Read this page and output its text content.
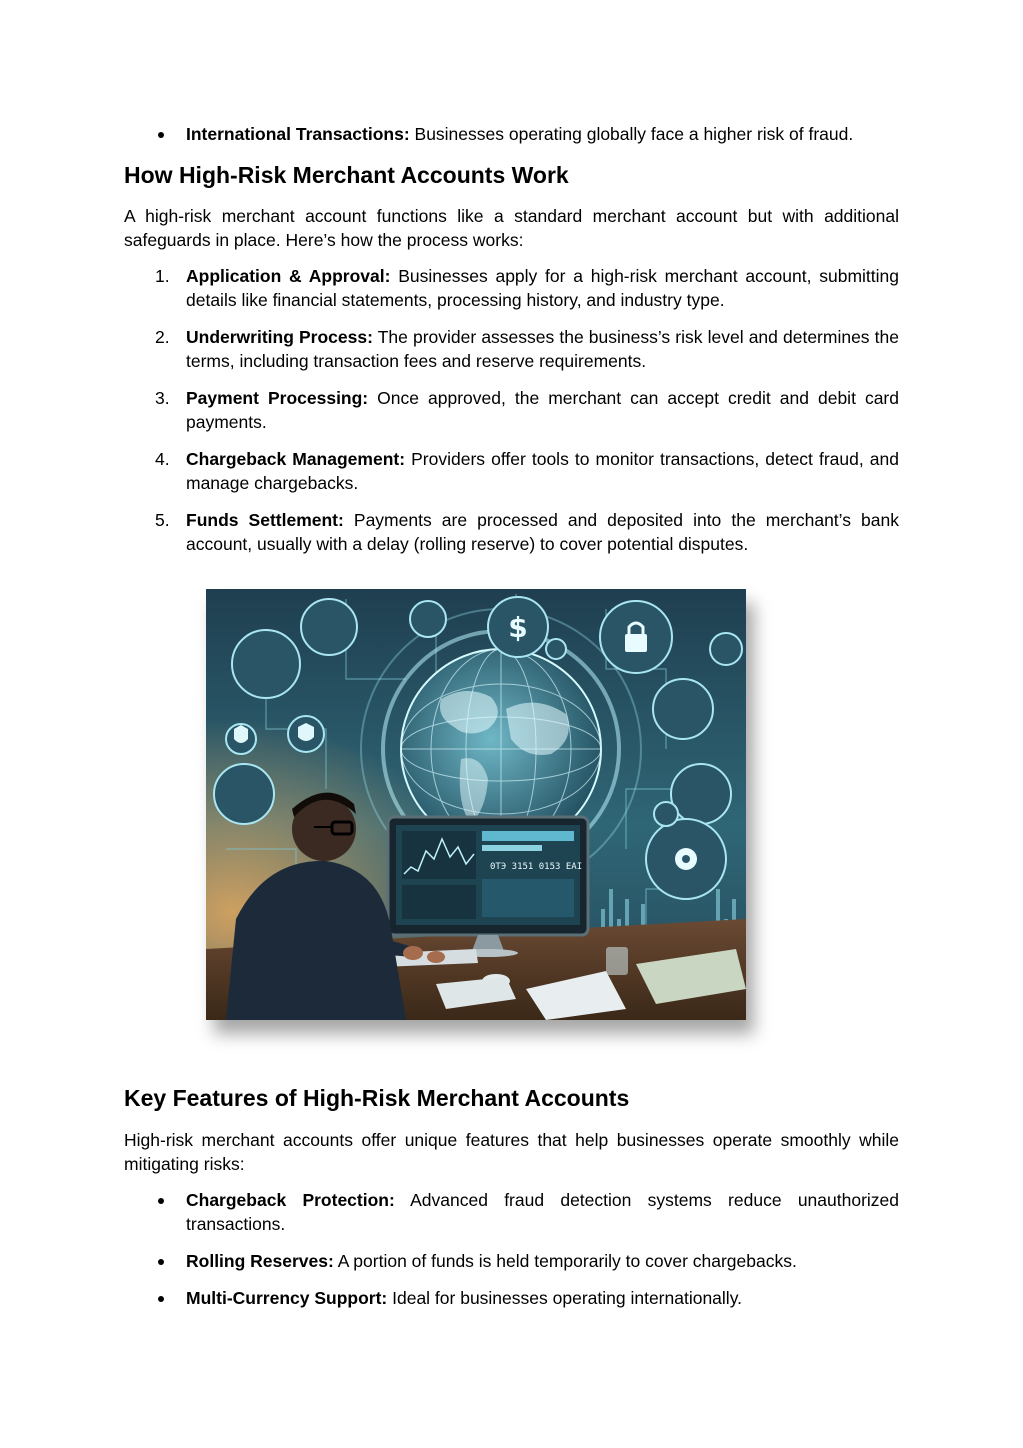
International Transactions: Businesses operating globally face a higher risk of fraud.
How High-Risk Merchant Accounts Work

A high-risk merchant account functions like a standard merchant account but with additional safeguards in place. Here’s how the process works:

1. Application & Approval: Businesses apply for a high-risk merchant account, submitting details like financial statements, processing history, and industry type.
2. Underwriting Process: The provider assesses the business’s risk level and determines the terms, including transaction fees and reserve requirements.
3. Payment Processing: Once approved, the merchant can accept credit and debit card payments.
4. Chargeback Management: Providers offer tools to monitor transactions, detect fraud, and manage chargebacks.
5. Funds Settlement: Payments are processed and deposited into the merchant’s bank account, usually with a delay (rolling reserve) to cover potential disputes.
$
0ТЭ 3151 0153 ЕАІ
Key Features of High-Risk Merchant Accounts

High-risk merchant accounts offer unique features that help businesses operate smoothly while mitigating risks:

Chargeback Protection: Advanced fraud detection systems reduce unauthorized transactions.
Rolling Reserves: A portion of funds is held temporarily to cover chargebacks.
Multi-Currency Support: Ideal for businesses operating internationally.
